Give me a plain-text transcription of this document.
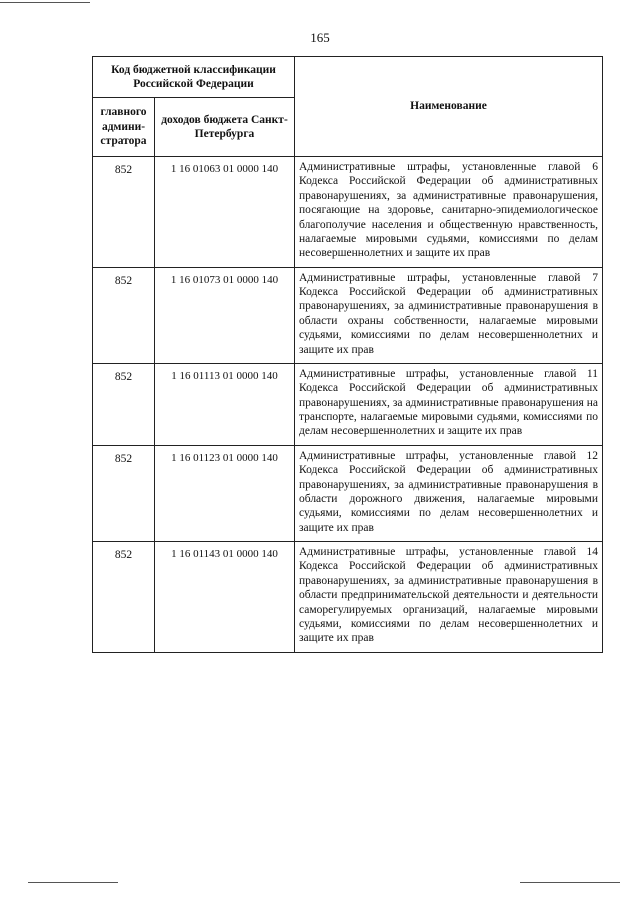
165
Код бюджетной классификации Российской Федерации		Наименование
главного админи-стратора	доходов бюджета Санкт-Петербурга	
852	1 16 01063 01 0000 140	Административные штрафы, установленные главой 6 Кодекса Российской Федерации об административных правонарушениях, за административные правонарушения, посягающие на здоровье, санитарно-эпидемиологическое благополучие населения и общественную нравственность, налагаемые мировыми судьями, комиссиями по делам несовершеннолетних и защите их прав
852	1 16 01073 01 0000 140	Административные штрафы, установленные главой 7 Кодекса Российской Федерации об административных правонарушениях, за административные правонарушения в области охраны собственности, налагаемые мировыми судьями, комиссиями по делам несовершеннолетних и защите их прав
852	1 16 01113 01 0000 140	Административные штрафы, установленные главой 11 Кодекса Российской Федерации об административных правонарушениях, за административные правонарушения на транспорте, налагаемые мировыми судьями, комиссиями по делам несовершеннолетних и защите их прав
852	1 16 01123 01 0000 140	Административные штрафы, установленные главой 12 Кодекса Российской Федерации об административных правонарушениях, за административные правонарушения в области дорожного движения, налагаемые мировыми судьями, комиссиями по делам несовершеннолетних и защите их прав
852	1 16 01143 01 0000 140	Административные штрафы, установленные главой 14 Кодекса Российской Федерации об административных правонарушениях, за административные правонарушения в области предпринимательской деятельности и деятельности саморегулируемых организаций, налагаемые мировыми судьями, комиссиями по делам несовершеннолетних и защите их прав
